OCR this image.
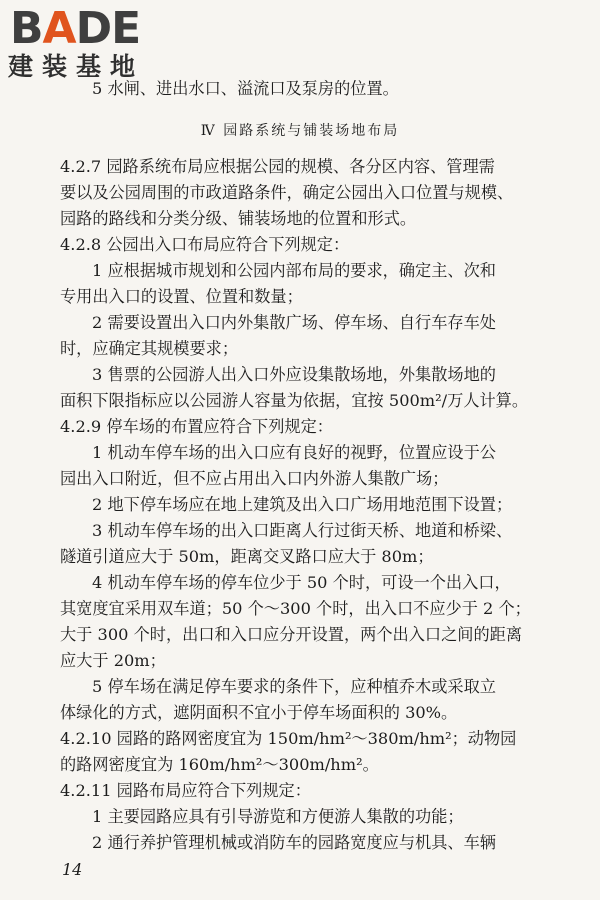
BADE
建装基地
5 水闸、进出水口、溢流口及泵房的位置。
Ⅳ 园路系统与铺装场地布局
4.2.7 园路系统布局应根据公园的规模、各分区内容、管理需
要以及公园周围的市政道路条件，确定公园出入口位置与规模、
园路的路线和分类分级、铺装场地的位置和形式。
4.2.8 公园出入口布局应符合下列规定：
1 应根据城市规划和公园内部布局的要求，确定主、次和
专用出入口的设置、位置和数量；
2 需要设置出入口内外集散广场、停车场、自行车存车处
时，应确定其规模要求；
3 售票的公园游人出入口外应设集散场地，外集散场地的
面积下限指标应以公园游人容量为依据，宜按 500m²/万人计算。
4.2.9 停车场的布置应符合下列规定：
1 机动车停车场的出入口应有良好的视野，位置应设于公
园出入口附近，但不应占用出入口内外游人集散广场；
2 地下停车场应在地上建筑及出入口广场用地范围下设置；
3 机动车停车场的出入口距离人行过街天桥、地道和桥梁、
隧道引道应大于 50m，距离交叉路口应大于 80m；
4 机动车停车场的停车位少于 50 个时，可设一个出入口，
其宽度宜采用双车道；50 个～300 个时，出入口不应少于 2 个；
大于 300 个时，出口和入口应分开设置，两个出入口之间的距离
应大于 20m；
5 停车场在满足停车要求的条件下，应种植乔木或采取立
体绿化的方式，遮阴面积不宜小于停车场面积的 30%。
4.2.10 园路的路网密度宜为 150m/hm²～380m/hm²；动物园
的路网密度宜为 160m/hm²～300m/hm²。
4.2.11 园路布局应符合下列规定：
1 主要园路应具有引导游览和方便游人集散的功能；
2 通行养护管理机械或消防车的园路宽度应与机具、车辆
14
